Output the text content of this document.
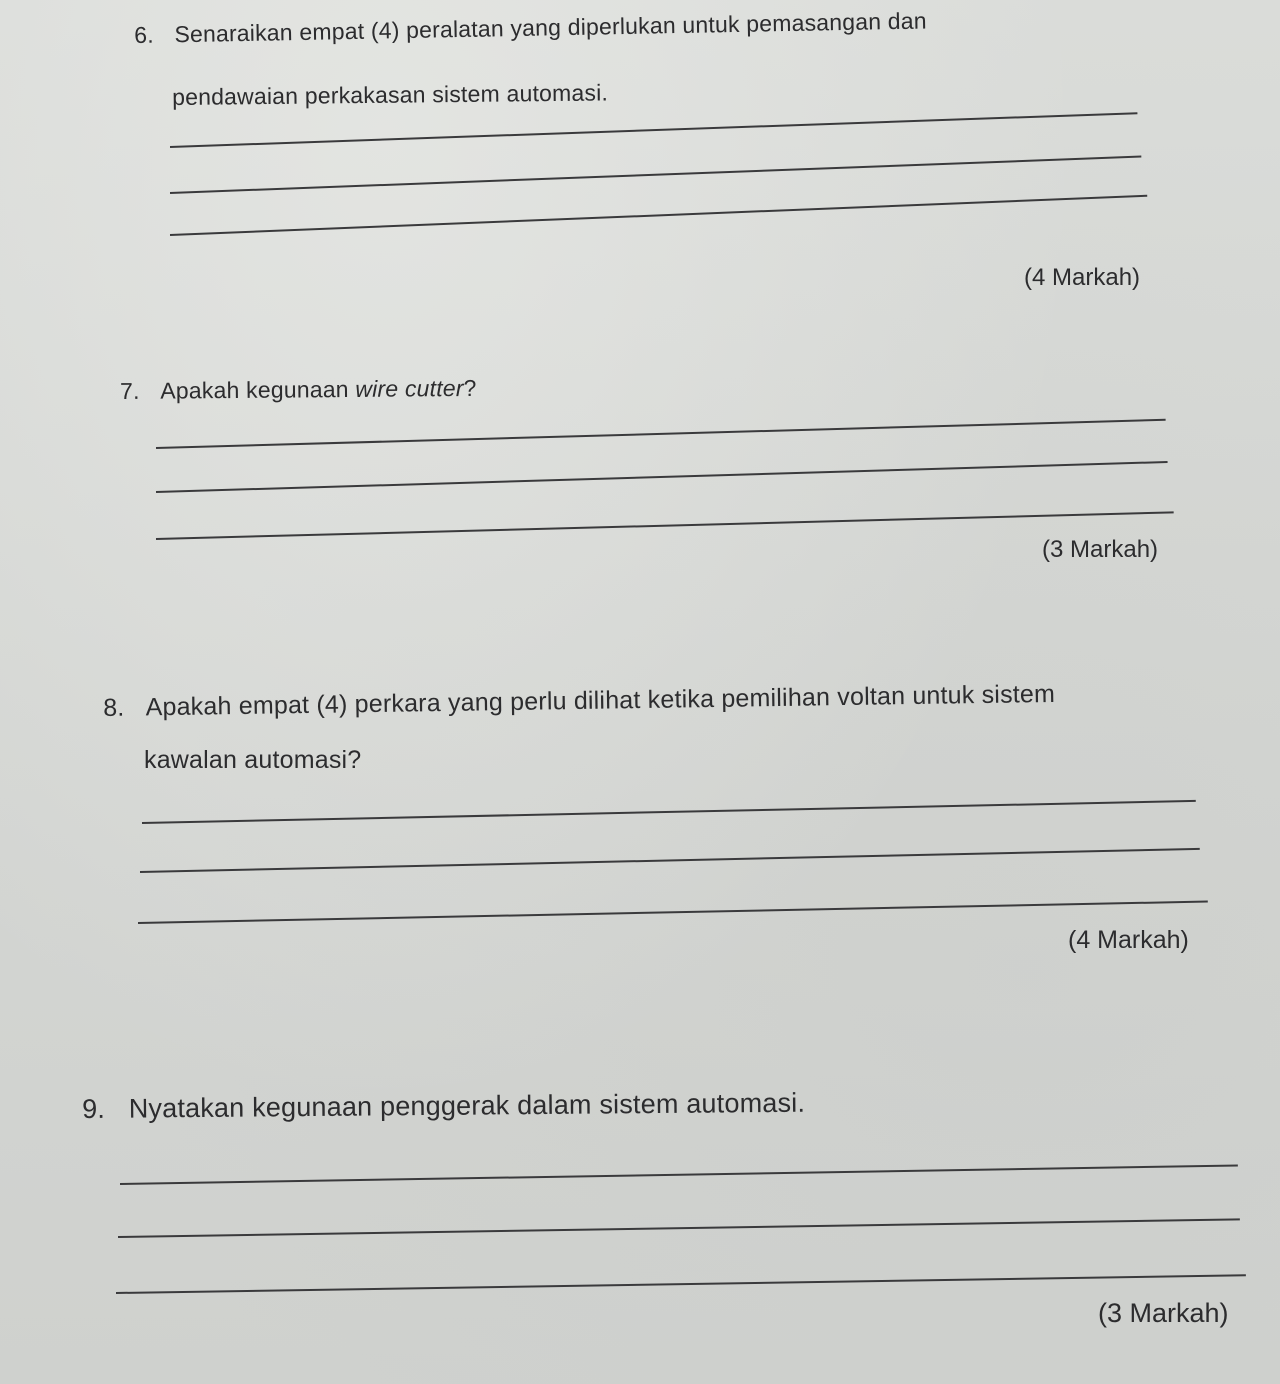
6. Senaraikan empat (4) peralatan yang diperlukan untuk pemasangan dan
pendawaian perkakasan sistem automasi.
(4 Markah)
7. Apakah kegunaan wire cutter?
(3 Markah)
8. Apakah empat (4) perkara yang perlu dilihat ketika pemilihan voltan untuk sistem
kawalan automasi?
(4 Markah)
9. Nyatakan kegunaan penggerak dalam sistem automasi.
(3 Markah)
